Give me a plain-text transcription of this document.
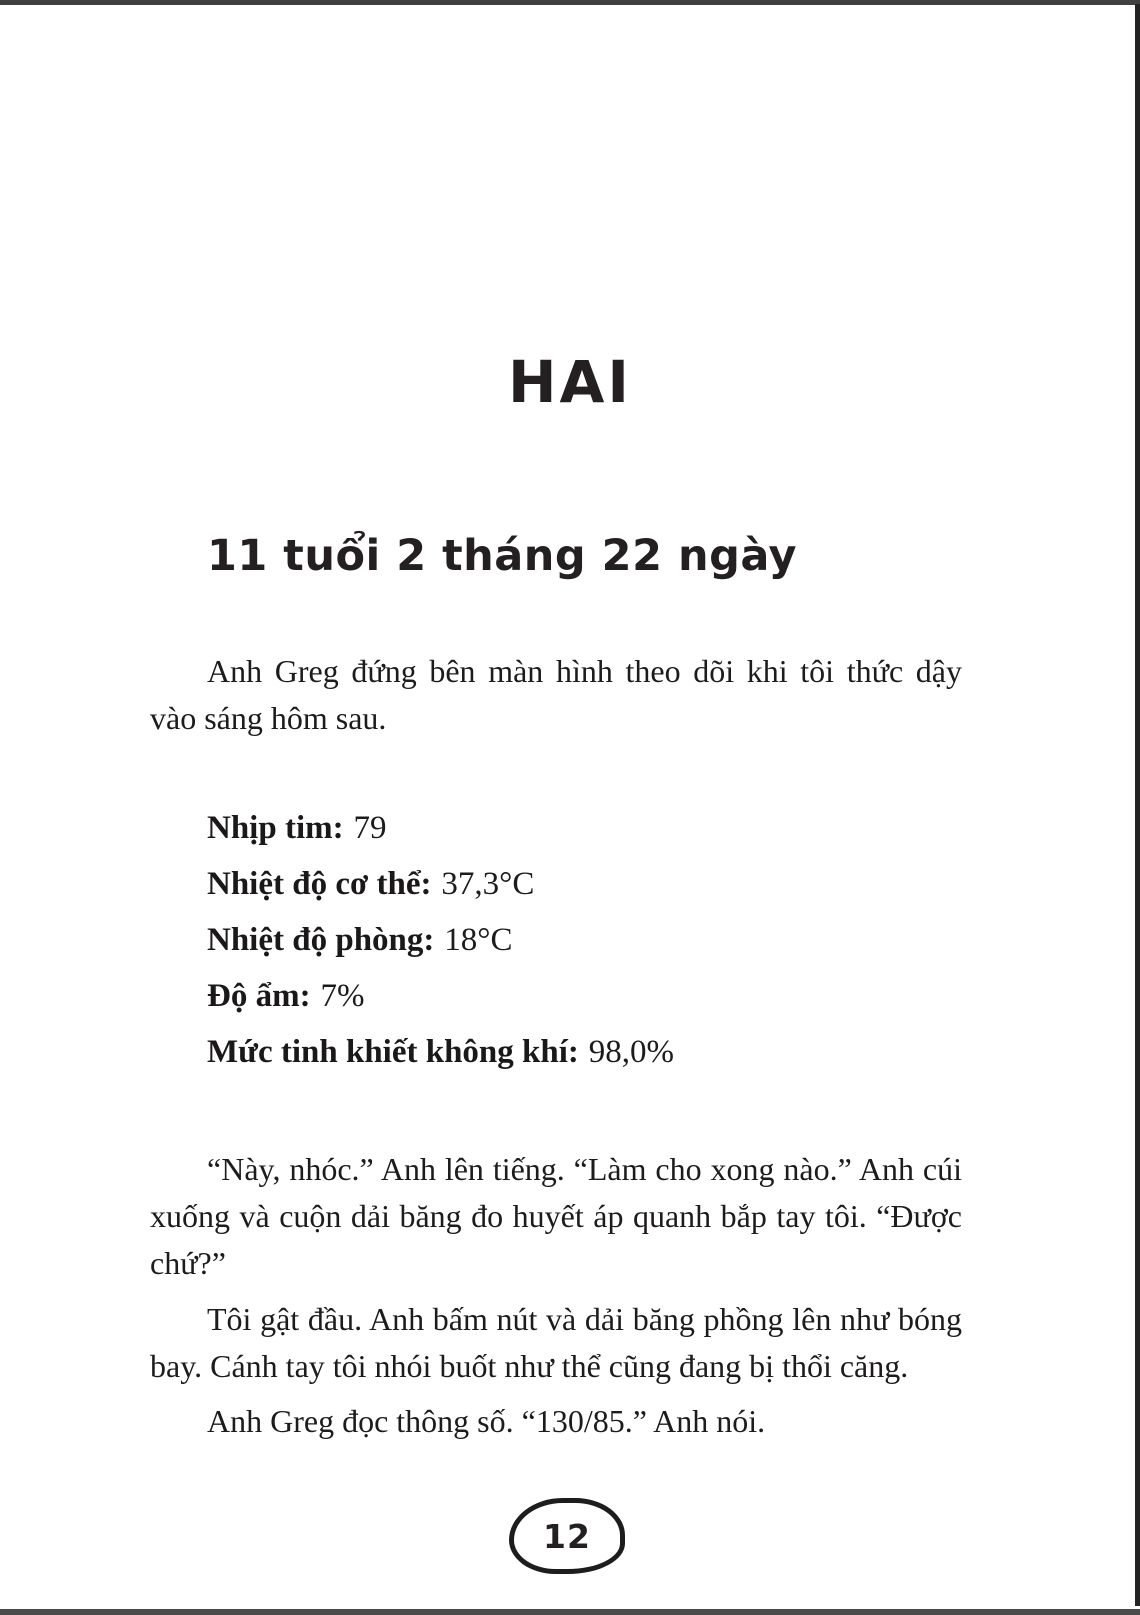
HAI
11 tuổi 2 tháng 22 ngày

Anh Greg đứng bên màn hình theo dõi khi tôi thức dậy vào sáng hôm sau.

Nhịp tim: 79
Nhiệt độ cơ thể: 37,3°C
Nhiệt độ phòng: 18°C
Độ ẩm: 7%
Mức tinh khiết không khí: 98,0%

“Này, nhóc.” Anh lên tiếng. “Làm cho xong nào.” Anh cúi xuống và cuộn dải băng đo huyết áp quanh bắp tay tôi. “Được chứ?”

Tôi gật đầu. Anh bấm nút và dải băng phồng lên như bóng bay. Cánh tay tôi nhói buốt như thể cũng đang bị thổi căng.

Anh Greg đọc thông số. “130/85.” Anh nói.

12
